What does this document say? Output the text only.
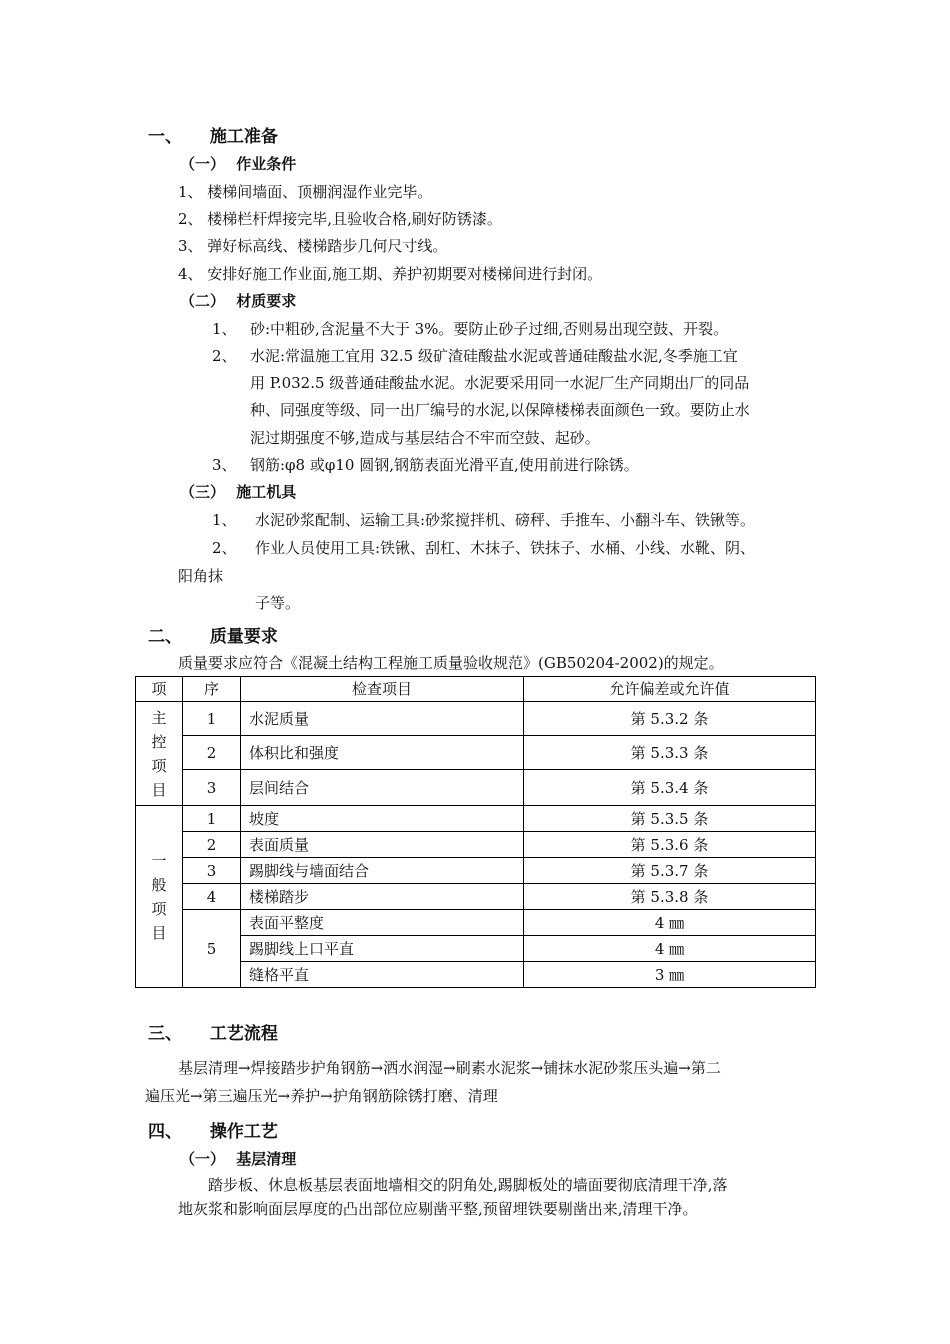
一、 施工准备
（一） 作业条件
1、 楼梯间墙面、顶棚润湿作业完毕。
2、 楼梯栏杆焊接完毕,且验收合格,刷好防锈漆。
3、 弹好标高线、楼梯踏步几何尺寸线。
4、 安排好施工作业面,施工期、养护初期要对楼梯间进行封闭。
（二） 材质要求
1、 砂:中粗砂,含泥量不大于 3%。要防止砂子过细,否则易出现空鼓、开裂。
2、 水泥:常温施工宜用 32.5 级矿渣硅酸盐水泥或普通硅酸盐水泥,冬季施工宜
用 P.032.5 级普通硅酸盐水泥。水泥要采用同一水泥厂生产同期出厂的同品
种、同强度等级、同一出厂编号的水泥,以保障楼梯表面颜色一致。要防止水
泥过期强度不够,造成与基层结合不牢而空鼓、起砂。
3、 钢筋:φ8 或φ10 圆钢,钢筋表面光滑平直,使用前进行除锈。
（三） 施工机具
1、 水泥砂浆配制、运输工具:砂浆搅拌机、磅秤、手推车、小翻斗车、铁锹等。
2、 作业人员使用工具:铁锹、刮杠、木抹子、铁抹子、水桶、小线、水靴、阴、
阳角抹
子等。
二、 质量要求
质量要求应符合《混凝土结构工程施工质量验收规范》(GB50204-2002)的规定。
项	序	检查项目	允许偏差或允许值

主
控
项
目	1	水泥质量	第 5.3.2 条
	2	体积比和强度	第 5.3.3 条
	3	层间结合	第 5.3.4 条

一
般
项
目	1	坡度	第 5.3.5 条
	2	表面质量	第 5.3.6 条
	3	踢脚线与墙面结合	第 5.3.7 条
	4	楼梯踏步	第 5.3.8 条
	5	表面平整度	4 ㎜
		踢脚线上口平直	4 ㎜
		缝格平直	3 ㎜
三、 工艺流程
基层清理→焊接踏步护角钢筋→洒水润湿→刷素水泥浆→铺抹水泥砂浆压头遍→第二
遍压光→第三遍压光→养护→护角钢筋除锈打磨、清理
四、 操作工艺
（一） 基层清理
踏步板、休息板基层表面地墙相交的阴角处,踢脚板处的墙面要彻底清理干净,落
地灰浆和影响面层厚度的凸出部位应剔凿平整,预留埋铁要剔凿出来,清理干净。
